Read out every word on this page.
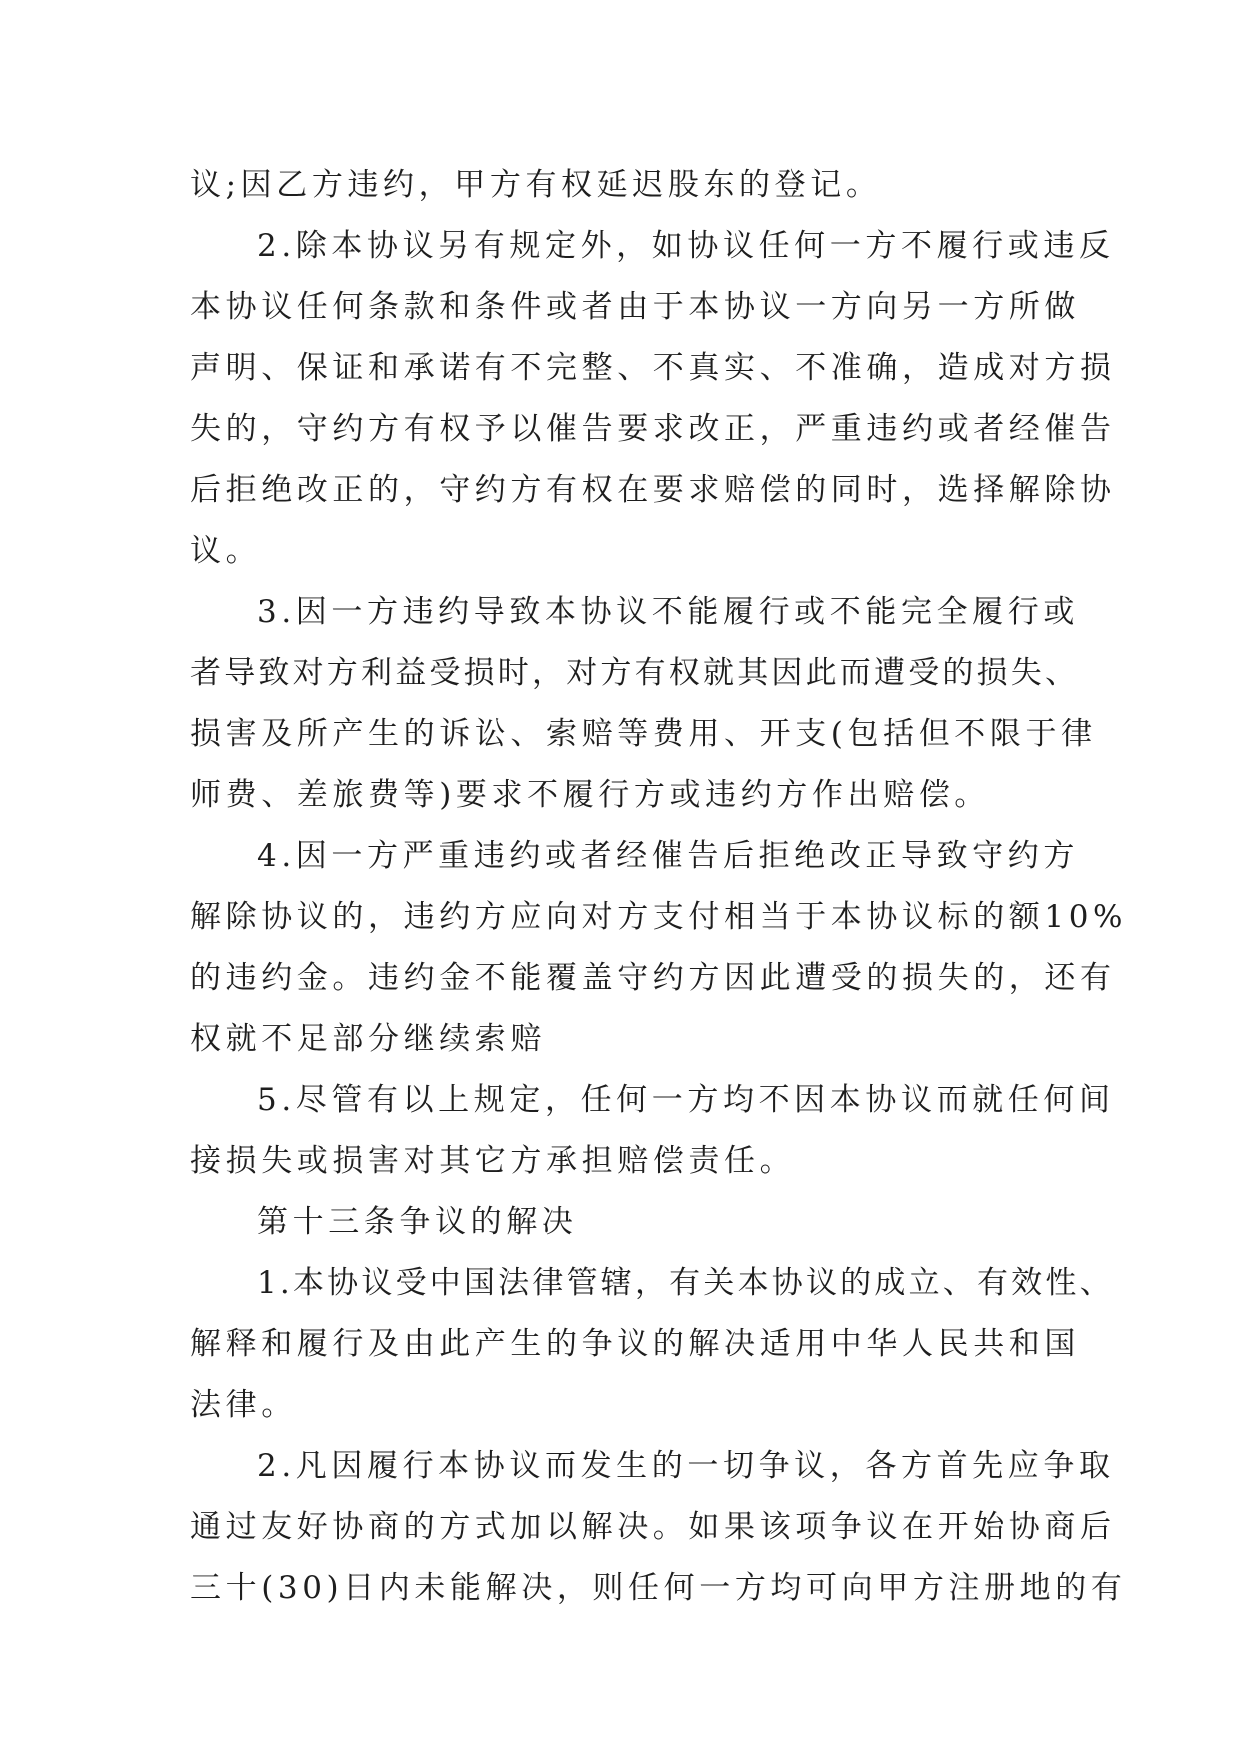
议;因乙方违约，甲方有权延迟股东的登记。
2.除本协议另有规定外，如协议任何一方不履行或违反
本协议任何条款和条件或者由于本协议一方向另一方所做
声明、保证和承诺有不完整、不真实、不准确，造成对方损
失的，守约方有权予以催告要求改正，严重违约或者经催告
后拒绝改正的，守约方有权在要求赔偿的同时，选择解除协
议。
3.因一方违约导致本协议不能履行或不能完全履行或
者导致对方利益受损时，对方有权就其因此而遭受的损失、
损害及所产生的诉讼、索赔等费用、开支(包括但不限于律
师费、差旅费等)要求不履行方或违约方作出赔偿。
4.因一方严重违约或者经催告后拒绝改正导致守约方
解除协议的，违约方应向对方支付相当于本协议标的额10%
的违约金。违约金不能覆盖守约方因此遭受的损失的，还有
权就不足部分继续索赔
5.尽管有以上规定，任何一方均不因本协议而就任何间
接损失或损害对其它方承担赔偿责任。
第十三条争议的解决
1.本协议受中国法律管辖，有关本协议的成立、有效性、
解释和履行及由此产生的争议的解决适用中华人民共和国
法律。
2.凡因履行本协议而发生的一切争议，各方首先应争取
通过友好协商的方式加以解决。如果该项争议在开始协商后
三十(30)日内未能解决，则任何一方均可向甲方注册地的有
